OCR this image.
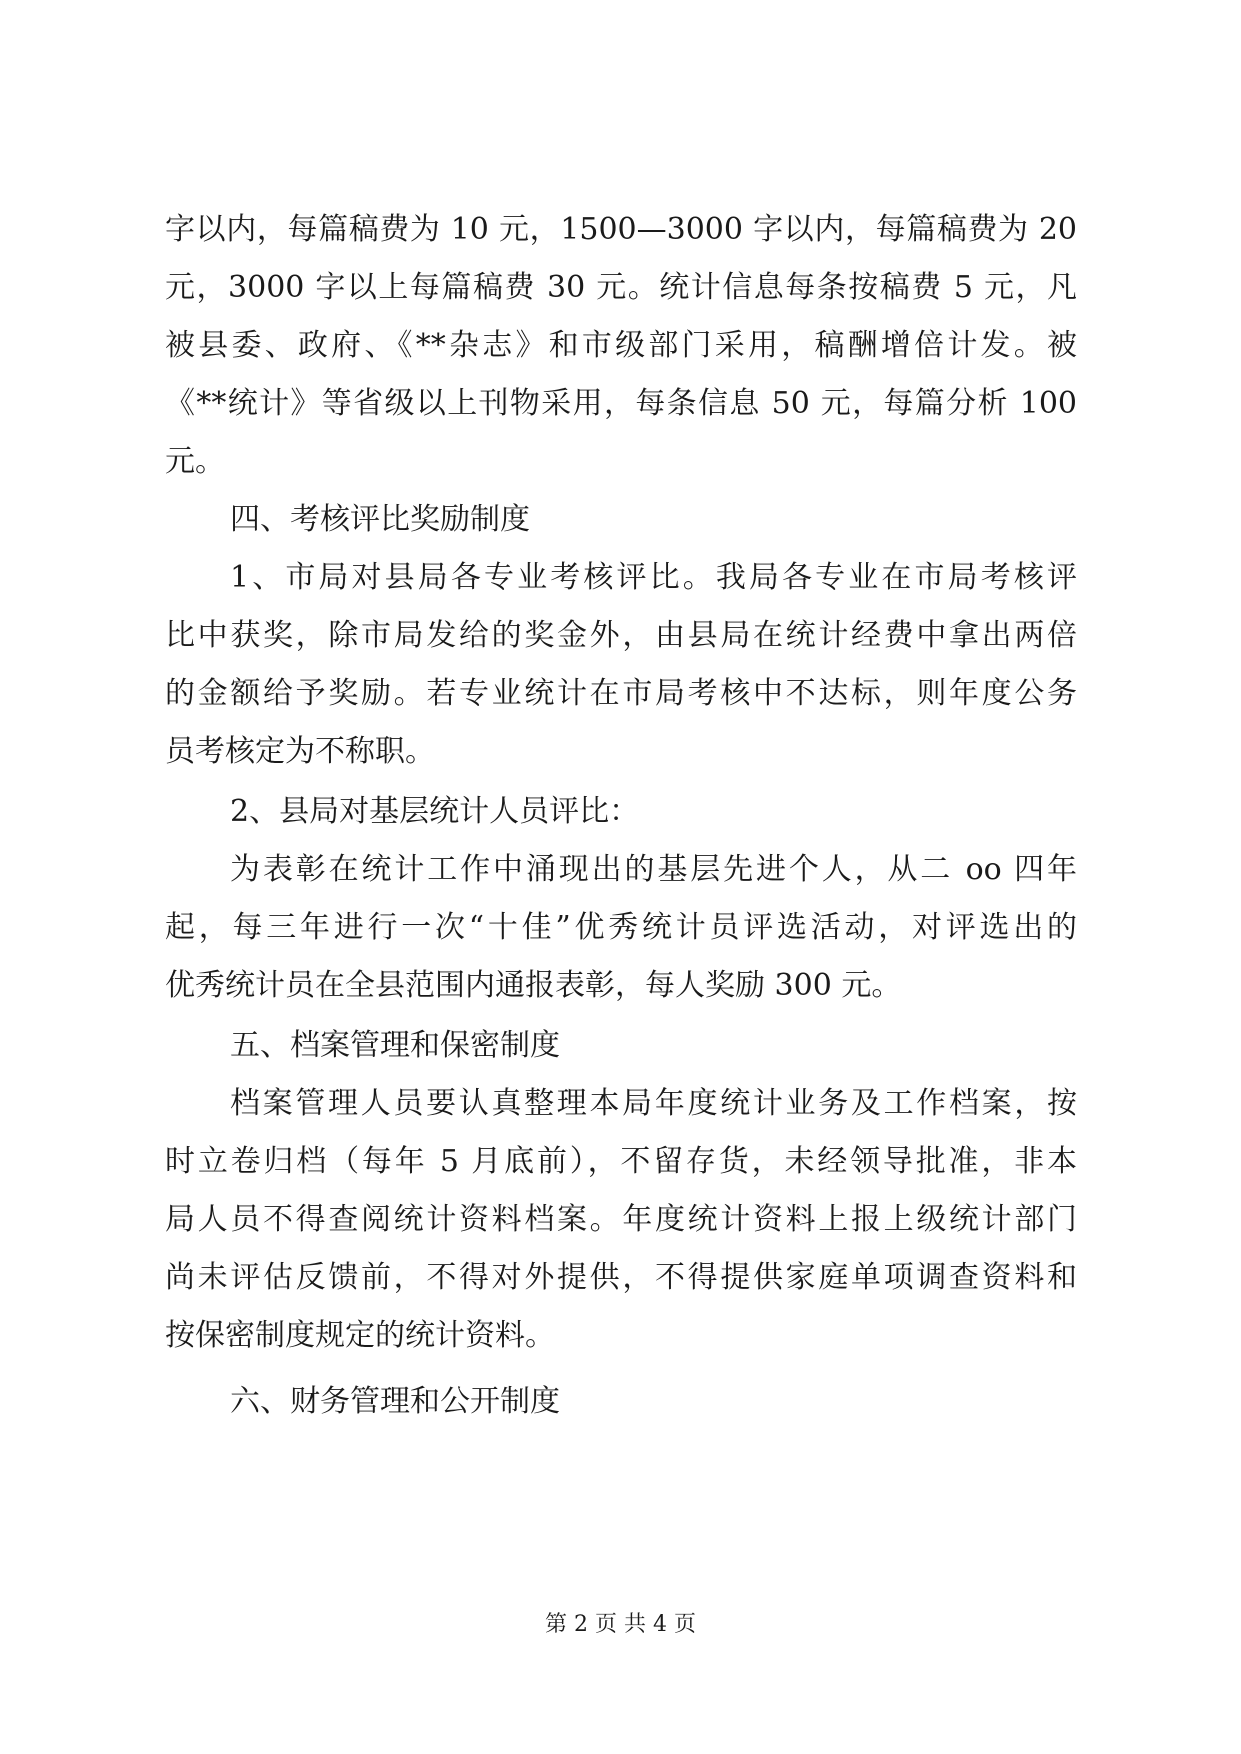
字以内，每篇稿费为 10 元，1500—3000 字以内，每篇稿费为 20
元，3000 字以上每篇稿费 30 元。统计信息每条按稿费 5 元，凡
被县委、政府、《**杂志》和市级部门采用，稿酬增倍计发。被
《**统计》等省级以上刊物采用，每条信息 50 元，每篇分析 100
元。
四、考核评比奖励制度
1、市局对县局各专业考核评比。我局各专业在市局考核评
比中获奖，除市局发给的奖金外，由县局在统计经费中拿出两倍
的金额给予奖励。若专业统计在市局考核中不达标，则年度公务
员考核定为不称职。
2、县局对基层统计人员评比：
为表彰在统计工作中涌现出的基层先进个人，从二 oo 四年
起，每三年进行一次“十佳”优秀统计员评选活动，对评选出的
优秀统计员在全县范围内通报表彰，每人奖励 300 元。
五、档案管理和保密制度
档案管理人员要认真整理本局年度统计业务及工作档案，按
时立卷归档（每年 5 月底前），不留存货，未经领导批准，非本
局人员不得查阅统计资料档案。年度统计资料上报上级统计部门
尚未评估反馈前，不得对外提供，不得提供家庭单项调查资料和
按保密制度规定的统计资料。
六、财务管理和公开制度
第 2 页 共 4 页
